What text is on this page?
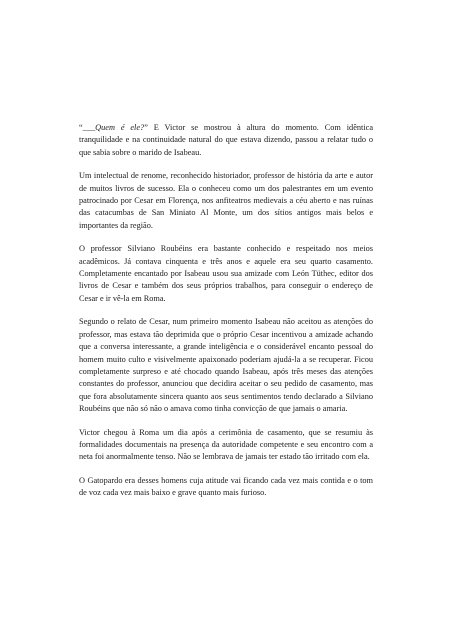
“___Quem é ele?” E Victor se mostrou à altura do momento. Com idêntica tranquilidade e na continuidade natural do que estava dizendo, passou a relatar tudo o que sabia sobre o marido de Isabeau.

Um intelectual de renome, reconhecido historiador, professor de história da arte e autor de muitos livros de sucesso. Ela o conheceu como um dos palestrantes em um evento patrocinado por Cesar em Florença, nos anfiteatros medievais a céu aberto e nas ruínas das catacumbas de San Miniato Al Monte, um dos sítios antigos mais belos e importantes da região.

O professor Silviano Roubéins era bastante conhecido e respeitado nos meios acadêmicos. Já contava cinquenta e três anos e aquele era seu quarto casamento. Completamente encantado por Isabeau usou sua amizade com León Tüthec, editor dos livros de Cesar e também dos seus próprios trabalhos, para conseguir o endereço de Cesar e ir vê-la em Roma.

Segundo o relato de Cesar, num primeiro momento Isabeau não aceitou as atenções do professor, mas estava tão deprimida que o próprio Cesar incentivou a amizade achando que a conversa interessante, a grande inteligência e o considerável encanto pessoal do homem muito culto e visivelmente apaixonado poderiam ajudá-la a se recuperar. Ficou completamente surpreso e até chocado quando Isabeau, após três meses das atenções constantes do professor, anunciou que decidira aceitar o seu pedido de casamento, mas que fora absolutamente sincera quanto aos seus sentimentos tendo declarado a Silviano Roubéins que não só não o amava como tinha convicção de que jamais o amaria.

Victor chegou à Roma um dia após a cerimônia de casamento, que se resumiu às formalidades documentais na presença da autoridade competente e seu encontro com a neta foi anormalmente tenso. Não se lembrava de jamais ter estado tão irritado com ela.

O Gatopardo era desses homens cuja atitude vai ficando cada vez mais contida e o tom de voz cada vez mais baixo e grave quanto mais furioso.
